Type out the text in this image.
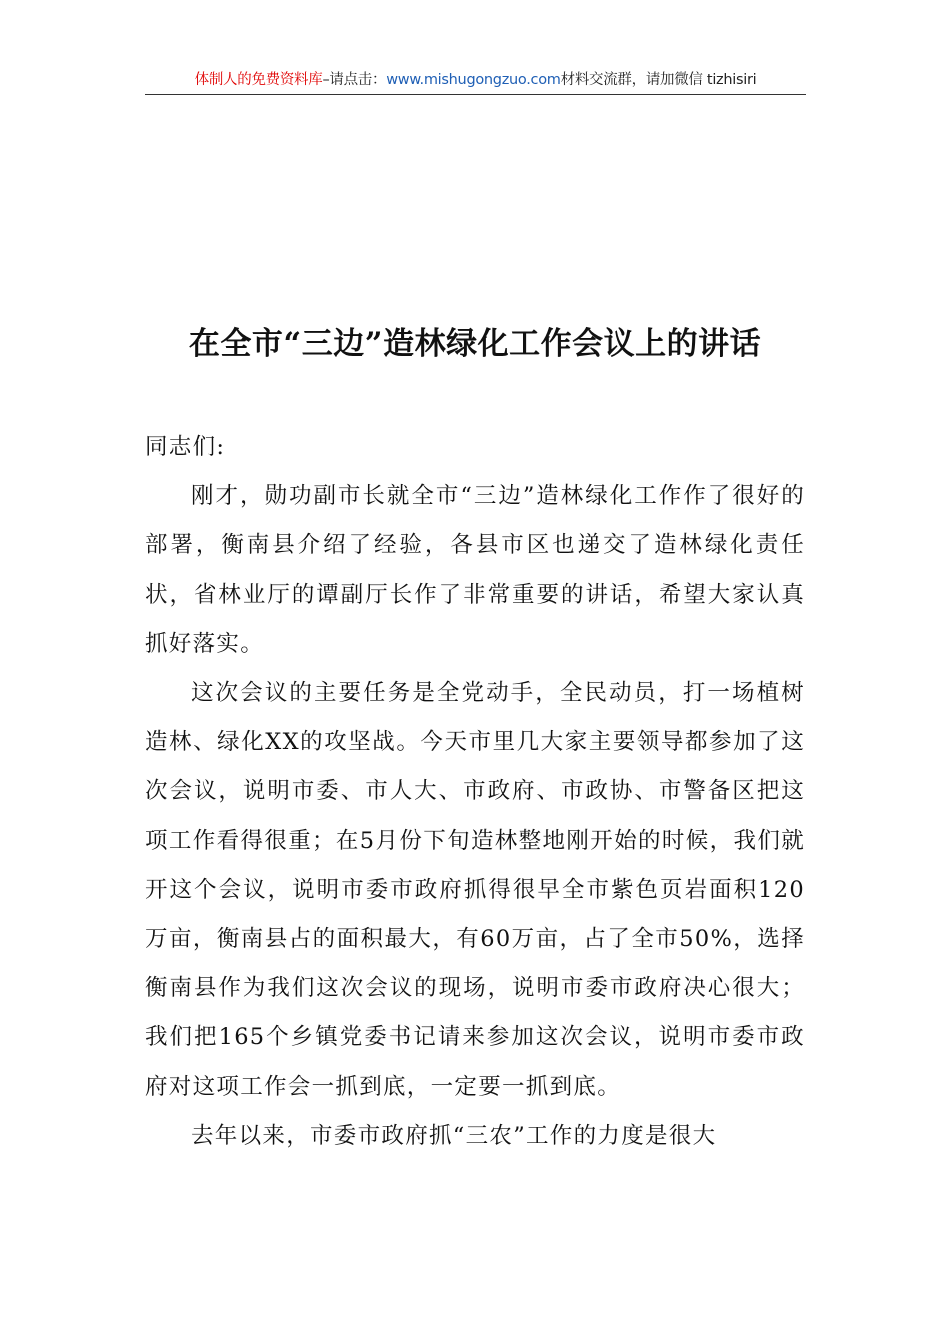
体制人的免费资料库–请点击：www.mishugongzuo.com材料交流群，请加微信 tizhisiri
在全市“三边”造林绿化工作会议上的讲话

同志们:

刚才，勋功副市长就全市“三边”造林绿化工作作了很好的部署，衡南县介绍了经验，各县市区也递交了造林绿化责任状，省林业厅的谭副厅长作了非常重要的讲话，希望大家认真抓好落实。

这次会议的主要任务是全党动手，全民动员，打一场植树造林、绿化XX的攻坚战。今天市里几大家主要领导都参加了这次会议，说明市委、市人大、市政府、市政协、市警备区把这项工作看得很重；在5月份下旬造林整地刚开始的时候，我们就开这个会议，说明市委市政府抓得很早全市紫色页岩面积120万亩，衡南县占的面积最大，有60万亩，占了全市50%，选择衡南县作为我们这次会议的现场，说明市委市政府决心很大；我们把165个乡镇党委书记请来参加这次会议，说明市委市政府对这项工作会一抓到底，一定要一抓到底。

去年以来，市委市政府抓“三农”工作的力度是很大
